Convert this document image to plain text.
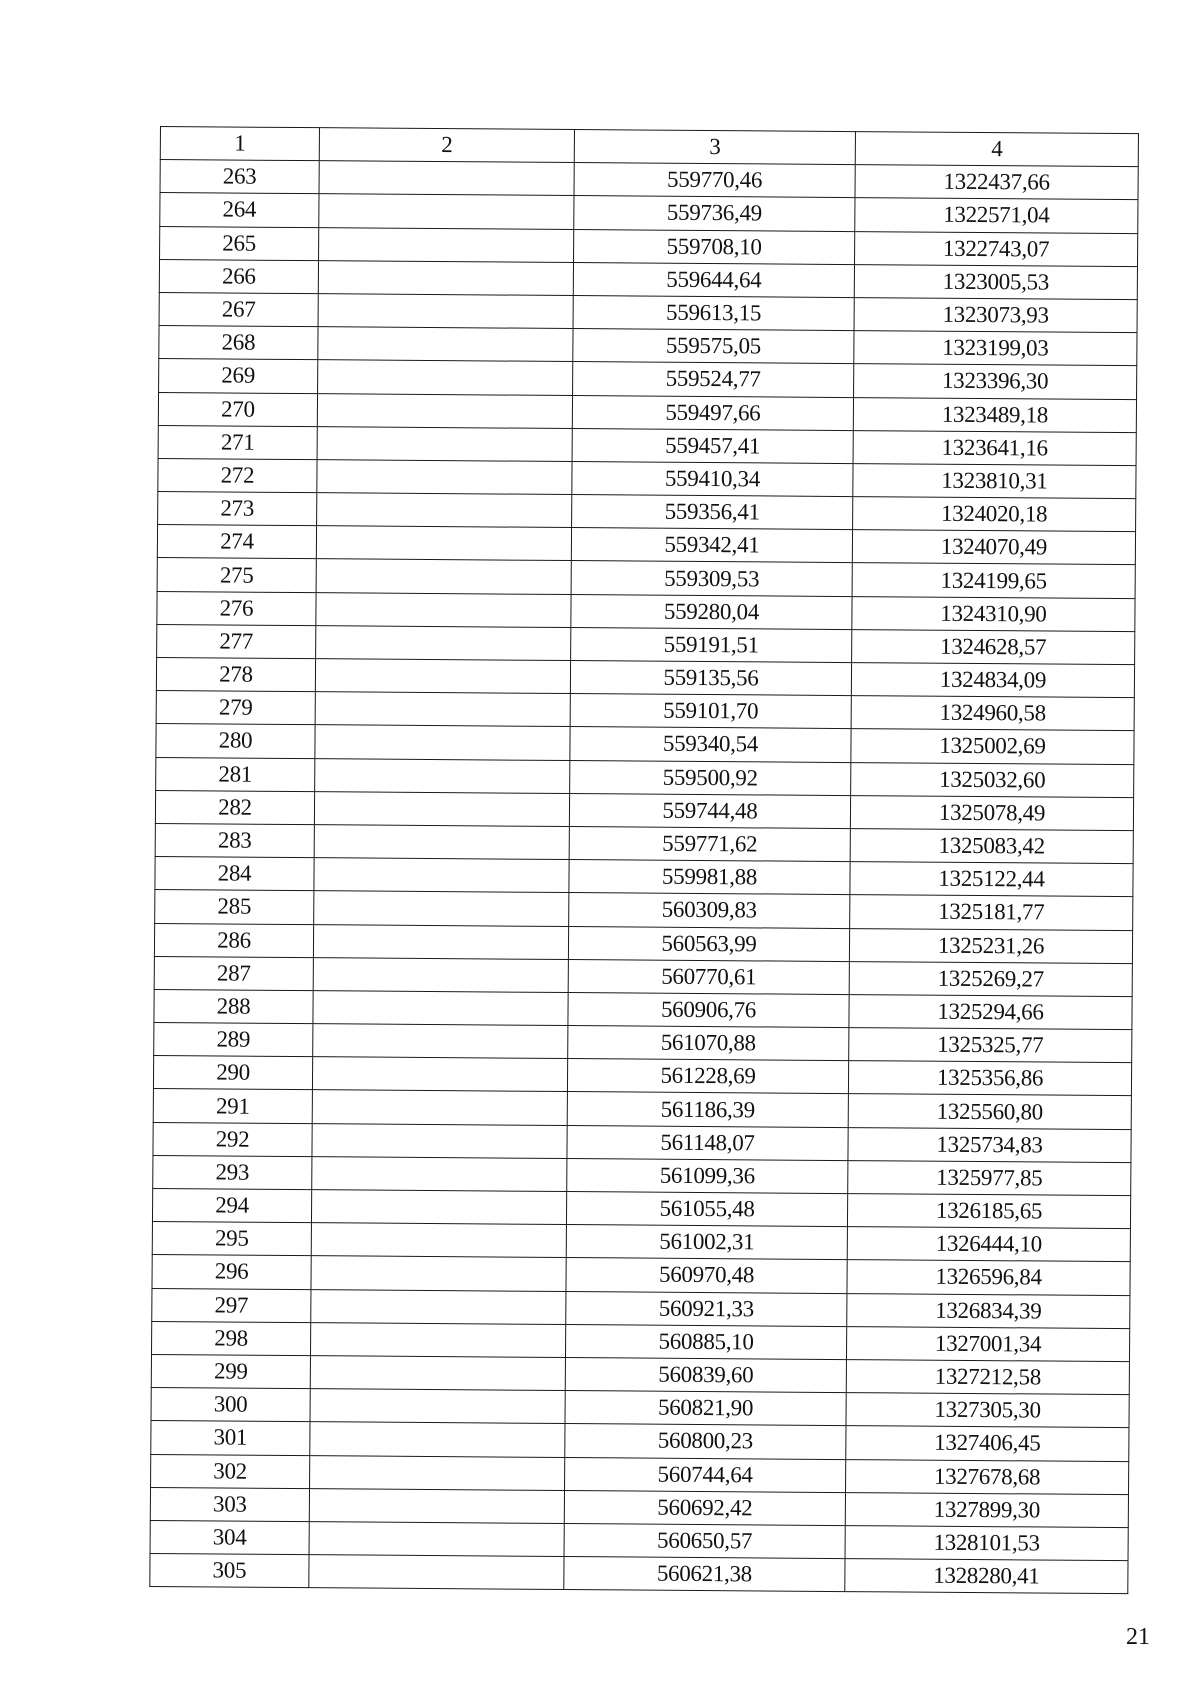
1	2	3	4
263		559770,46	1322437,66
264		559736,49	1322571,04
265		559708,10	1322743,07
266		559644,64	1323005,53
267		559613,15	1323073,93
268		559575,05	1323199,03
269		559524,77	1323396,30
270		559497,66	1323489,18
271		559457,41	1323641,16
272		559410,34	1323810,31
273		559356,41	1324020,18
274		559342,41	1324070,49
275		559309,53	1324199,65
276		559280,04	1324310,90
277		559191,51	1324628,57
278		559135,56	1324834,09
279		559101,70	1324960,58
280		559340,54	1325002,69
281		559500,92	1325032,60
282		559744,48	1325078,49
283		559771,62	1325083,42
284		559981,88	1325122,44
285		560309,83	1325181,77
286		560563,99	1325231,26
287		560770,61	1325269,27
288		560906,76	1325294,66
289		561070,88	1325325,77
290		561228,69	1325356,86
291		561186,39	1325560,80
292		561148,07	1325734,83
293		561099,36	1325977,85
294		561055,48	1326185,65
295		561002,31	1326444,10
296		560970,48	1326596,84
297		560921,33	1326834,39
298		560885,10	1327001,34
299		560839,60	1327212,58
300		560821,90	1327305,30
301		560800,23	1327406,45
302		560744,64	1327678,68
303		560692,42	1327899,30
304		560650,57	1328101,53
305		560621,38	1328280,41
21
